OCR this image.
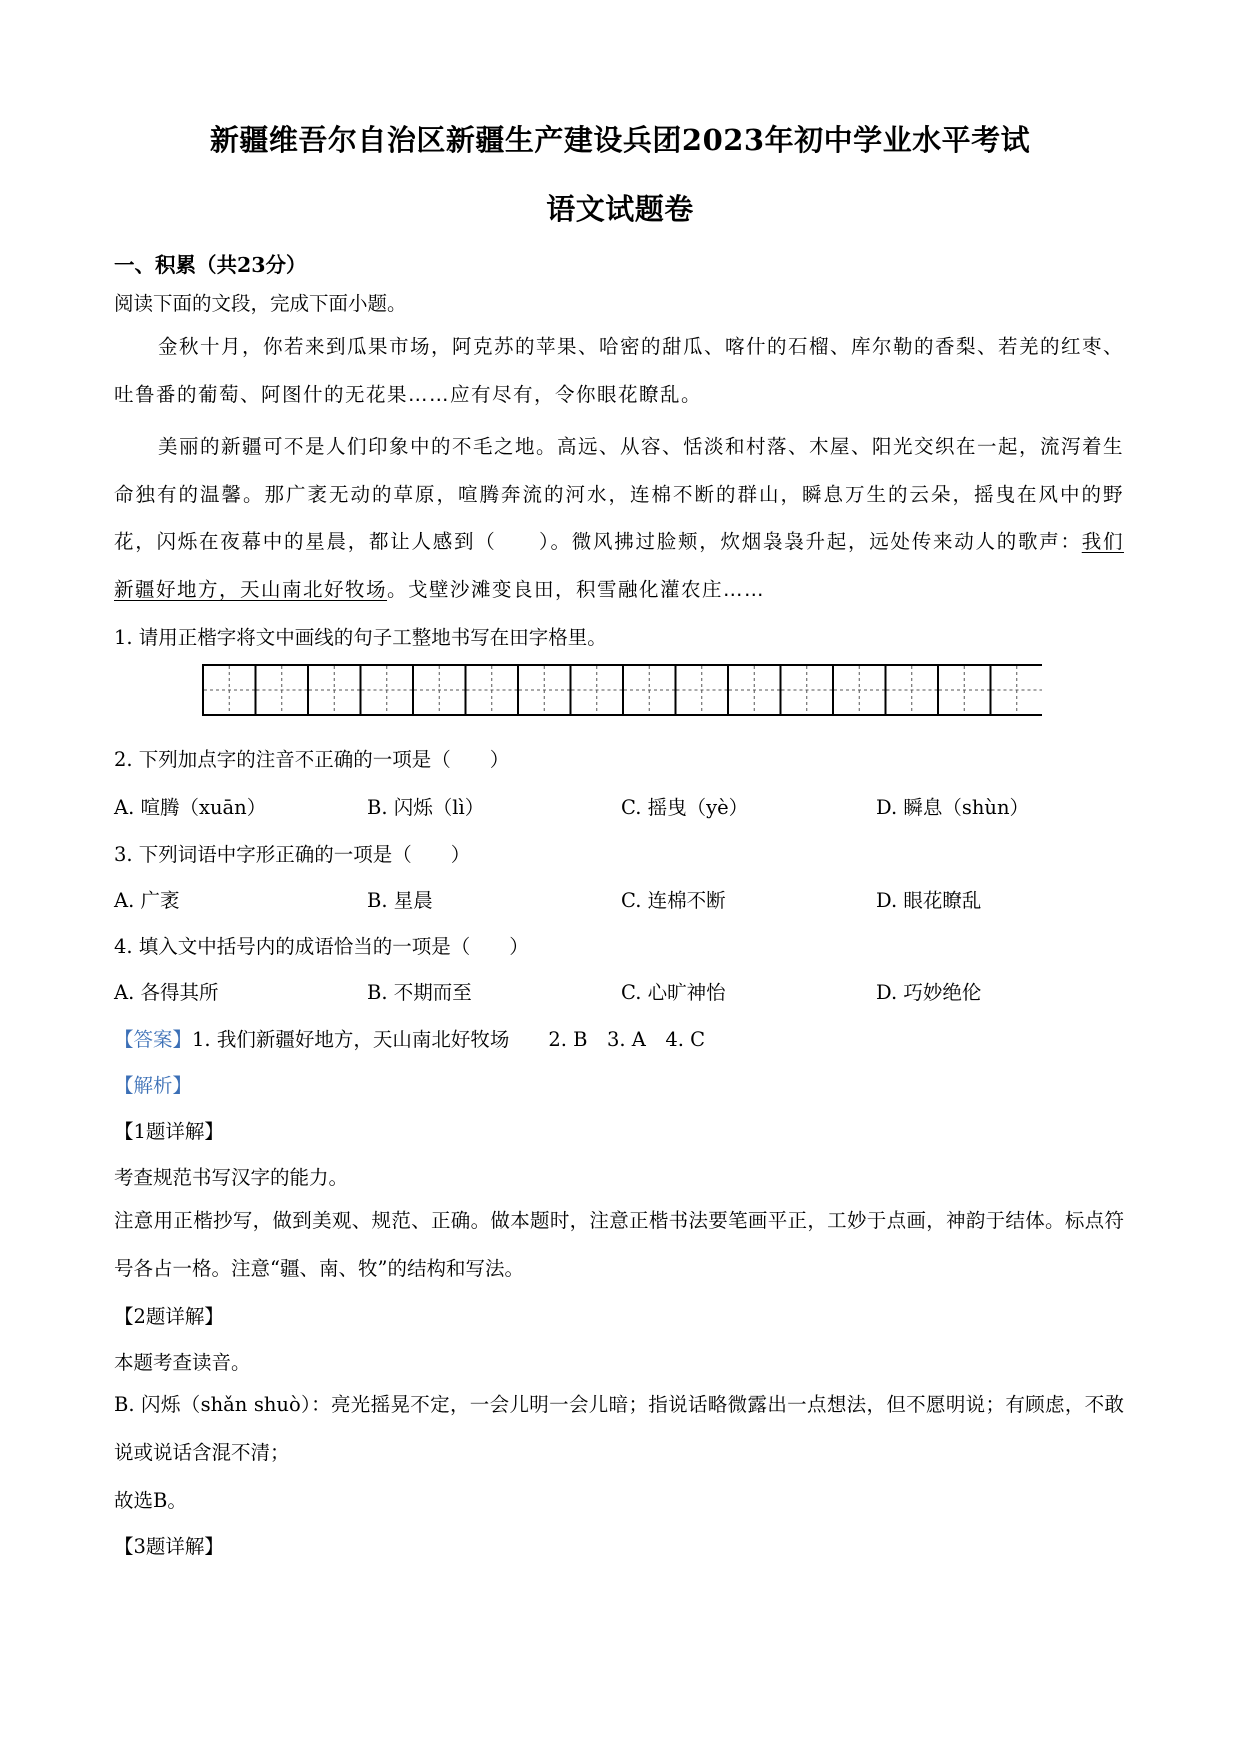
新疆维吾尔自治区新疆生产建设兵团2023年初中学业水平考试
语文试题卷
一、积累（共23分）
阅读下面的文段，完成下面小题。
金秋十月，你若来到瓜果市场，阿克苏的苹果、哈密的甜瓜、喀什的石榴、库尔勒的香梨、若羌的红枣、吐鲁番的葡萄、阿图什的无花果……应有尽有，令你眼花瞭乱。
美丽的新疆可不是人们印象中的不毛之地。高远、从容、恬淡和村落、木屋、阳光交织在一起，流泻着生命独有的温馨。那广袤无动的草原，喧腾奔流的河水，连棉不断的群山，瞬息万生的云朵，摇曳在风中的野花，闪烁在夜幕中的星晨，都让人感到（　　）。微风拂过脸颊，炊烟袅袅升起，远处传来动人的歌声：我们新疆好地方，天山南北好牧场。戈壁沙滩变良田，积雪融化灌农庄……
1. 请用正楷字将文中画线的句子工整地书写在田字格里。
2. 下列加点字的注音不正确的一项是（　　）
A. 喧腾（xuān）	B. 闪烁（lì）	C. 摇曳（yè）	D. 瞬息（shùn）
3. 下列词语中字形正确的一项是（　　）
A. 广袤	B. 星晨	C. 连棉不断	D. 眼花瞭乱
4. 填入文中括号内的成语恰当的一项是（　　）
A. 各得其所	B. 不期而至	C. 心旷神怡	D. 巧妙绝伦
【答案】1. 我们新疆好地方，天山南北好牧场　　2. B　3. A　4. C
【解析】
【1题详解】
考查规范书写汉字的能力。
注意用正楷抄写，做到美观、规范、正确。做本题时，注意正楷书法要笔画平正，工妙于点画，神韵于结体。标点符号各占一格。注意“疆、南、牧”的结构和写法。
【2题详解】
本题考查读音。
B. 闪烁（shǎn shuò）：亮光摇晃不定，一会儿明一会儿暗；指说话略微露出一点想法，但不愿明说；有顾虑，不敢说或说话含混不清；
故选B。
【3题详解】
